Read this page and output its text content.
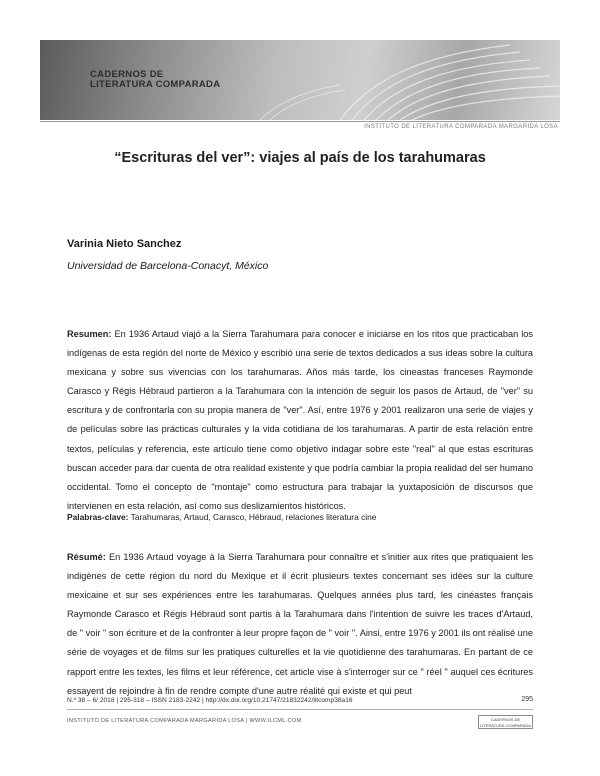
CADERNOS DE
LITERATURA COMPARADA
INSTITUTO DE LITERATURA COMPARADA MARGARIDA LOSA
“Escrituras del ver”: viajes al país de los tarahumaras
Varinia Nieto Sanchez
Universidad de Barcelona-Conacyt, México
Resumen: En 1936 Artaud viajó a la Sierra Tarahumara para conocer e iniciarse en los ritos que practicaban los indígenas de esta región del norte de México y escribió una serie de textos dedicados a sus ideas sobre la cultura mexicana y sobre sus vivencias con los tarahumaras. Años más tarde, los cineastas franceses Raymonde Carasco y Régis Hébraud partieron a la Tarahumara con la intención de seguir los pasos de Artaud, de "ver" su escritura y de confrontarla con su propia manera de "ver". Así, entre 1976 y 2001 realizaron una serie de viajes y de películas sobre las prácticas culturales y la vida cotidiana de los tarahumaras. A partir de esta relación entre textos, películas y referencia, este artículo tiene como objetivo indagar sobre este "real" al que estas escrituras buscan acceder para dar cuenta de otra realidad existente y que podría cambiar la propia realidad del ser humano occidental. Tomo el concepto de "montaje" como estructura para trabajar la yuxtaposición de discursos que intervienen en esta relación, así como sus deslizamientos históricos.
Palabras-clave: Tarahumaras, Artaud, Carasco, Hébraud, relaciones literatura cine
Résumé: En 1936 Artaud voyage à la Sierra Tarahumara pour connaître et s'initier aux rites que pratiquaient les indigènes de cette région du nord du Mexique et il écrit plusieurs textes concernant ses idées sur la culture mexicaine et sur ses expériences entre les tarahumaras. Quelques années plus tard, les cinéastes français Raymonde Carasco et Régis Hébraud sont partis à la Tarahumara dans l'intention de suivre les traces d'Artaud, de " voir " son écriture et de la confronter à leur propre façon de " voir ". Ainsi, entre 1976 y 2001 ils ont réalisé une série de voyages et de films sur les pratiques culturelles et la vie quotidienne des tarahumaras. En partant de ce rapport entre les textes, les films et leur référence, cet article vise à s'interroger sur ce " réel " auquel ces écritures essayent de rejoindre à fin de rendre compte d'une autre réalité qui existe et qui peut
N.º 38 – 6/ 2018 | 295-318 – ISSN 2183-2242 | http://dx.doi.org/10.21747/21832242/litcomp38a16	295
INSTITUTO DE LITERATURA COMPARADA MARGARIDA LOSA | WWW.ILCML.COM	CADERNOS DE
LITERATURA COMPARADA
